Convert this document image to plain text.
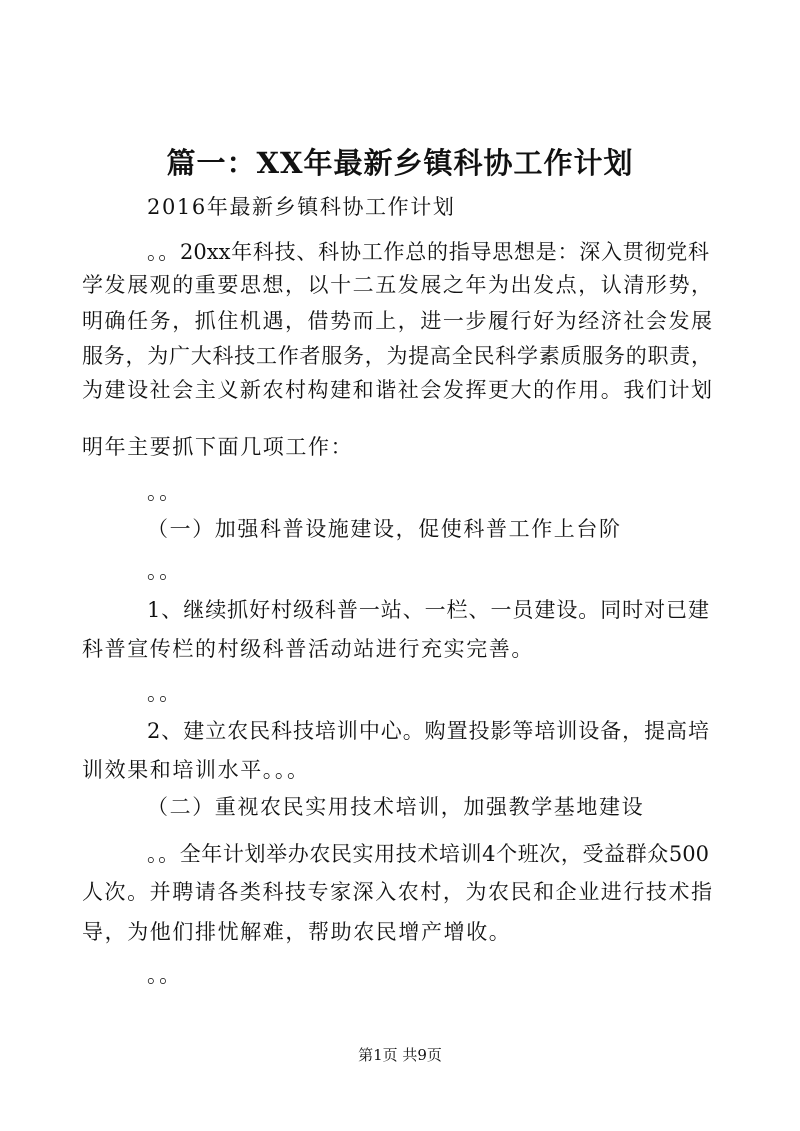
篇一：XX年最新乡镇科协工作计划
2016年最新乡镇科协工作计划
。。20xx年科技、科协工作总的指导思想是：深入贯彻党科
学发展观的重要思想，以十二五发展之年为出发点，认清形势，
明确任务，抓住机遇，借势而上，进一步履行好为经济社会发展
服务，为广大科技工作者服务，为提高全民科学素质服务的职责，
为建设社会主义新农村构建和谐社会发挥更大的作用。我们计划
明年主要抓下面几项工作：
。。
（一）加强科普设施建设，促使科普工作上台阶
。。
1、继续抓好村级科普一站、一栏、一员建设。同时对已建
科普宣传栏的村级科普活动站进行充实完善。
。。
2、建立农民科技培训中心。购置投影等培训设备，提高培
训效果和培训水平。。。
（二）重视农民实用技术培训，加强教学基地建设
。。全年计划举办农民实用技术培训4个班次，受益群众500
人次。并聘请各类科技专家深入农村，为农民和企业进行技术指
导，为他们排忧解难，帮助农民增产增收。
。。
第1页 共9页
